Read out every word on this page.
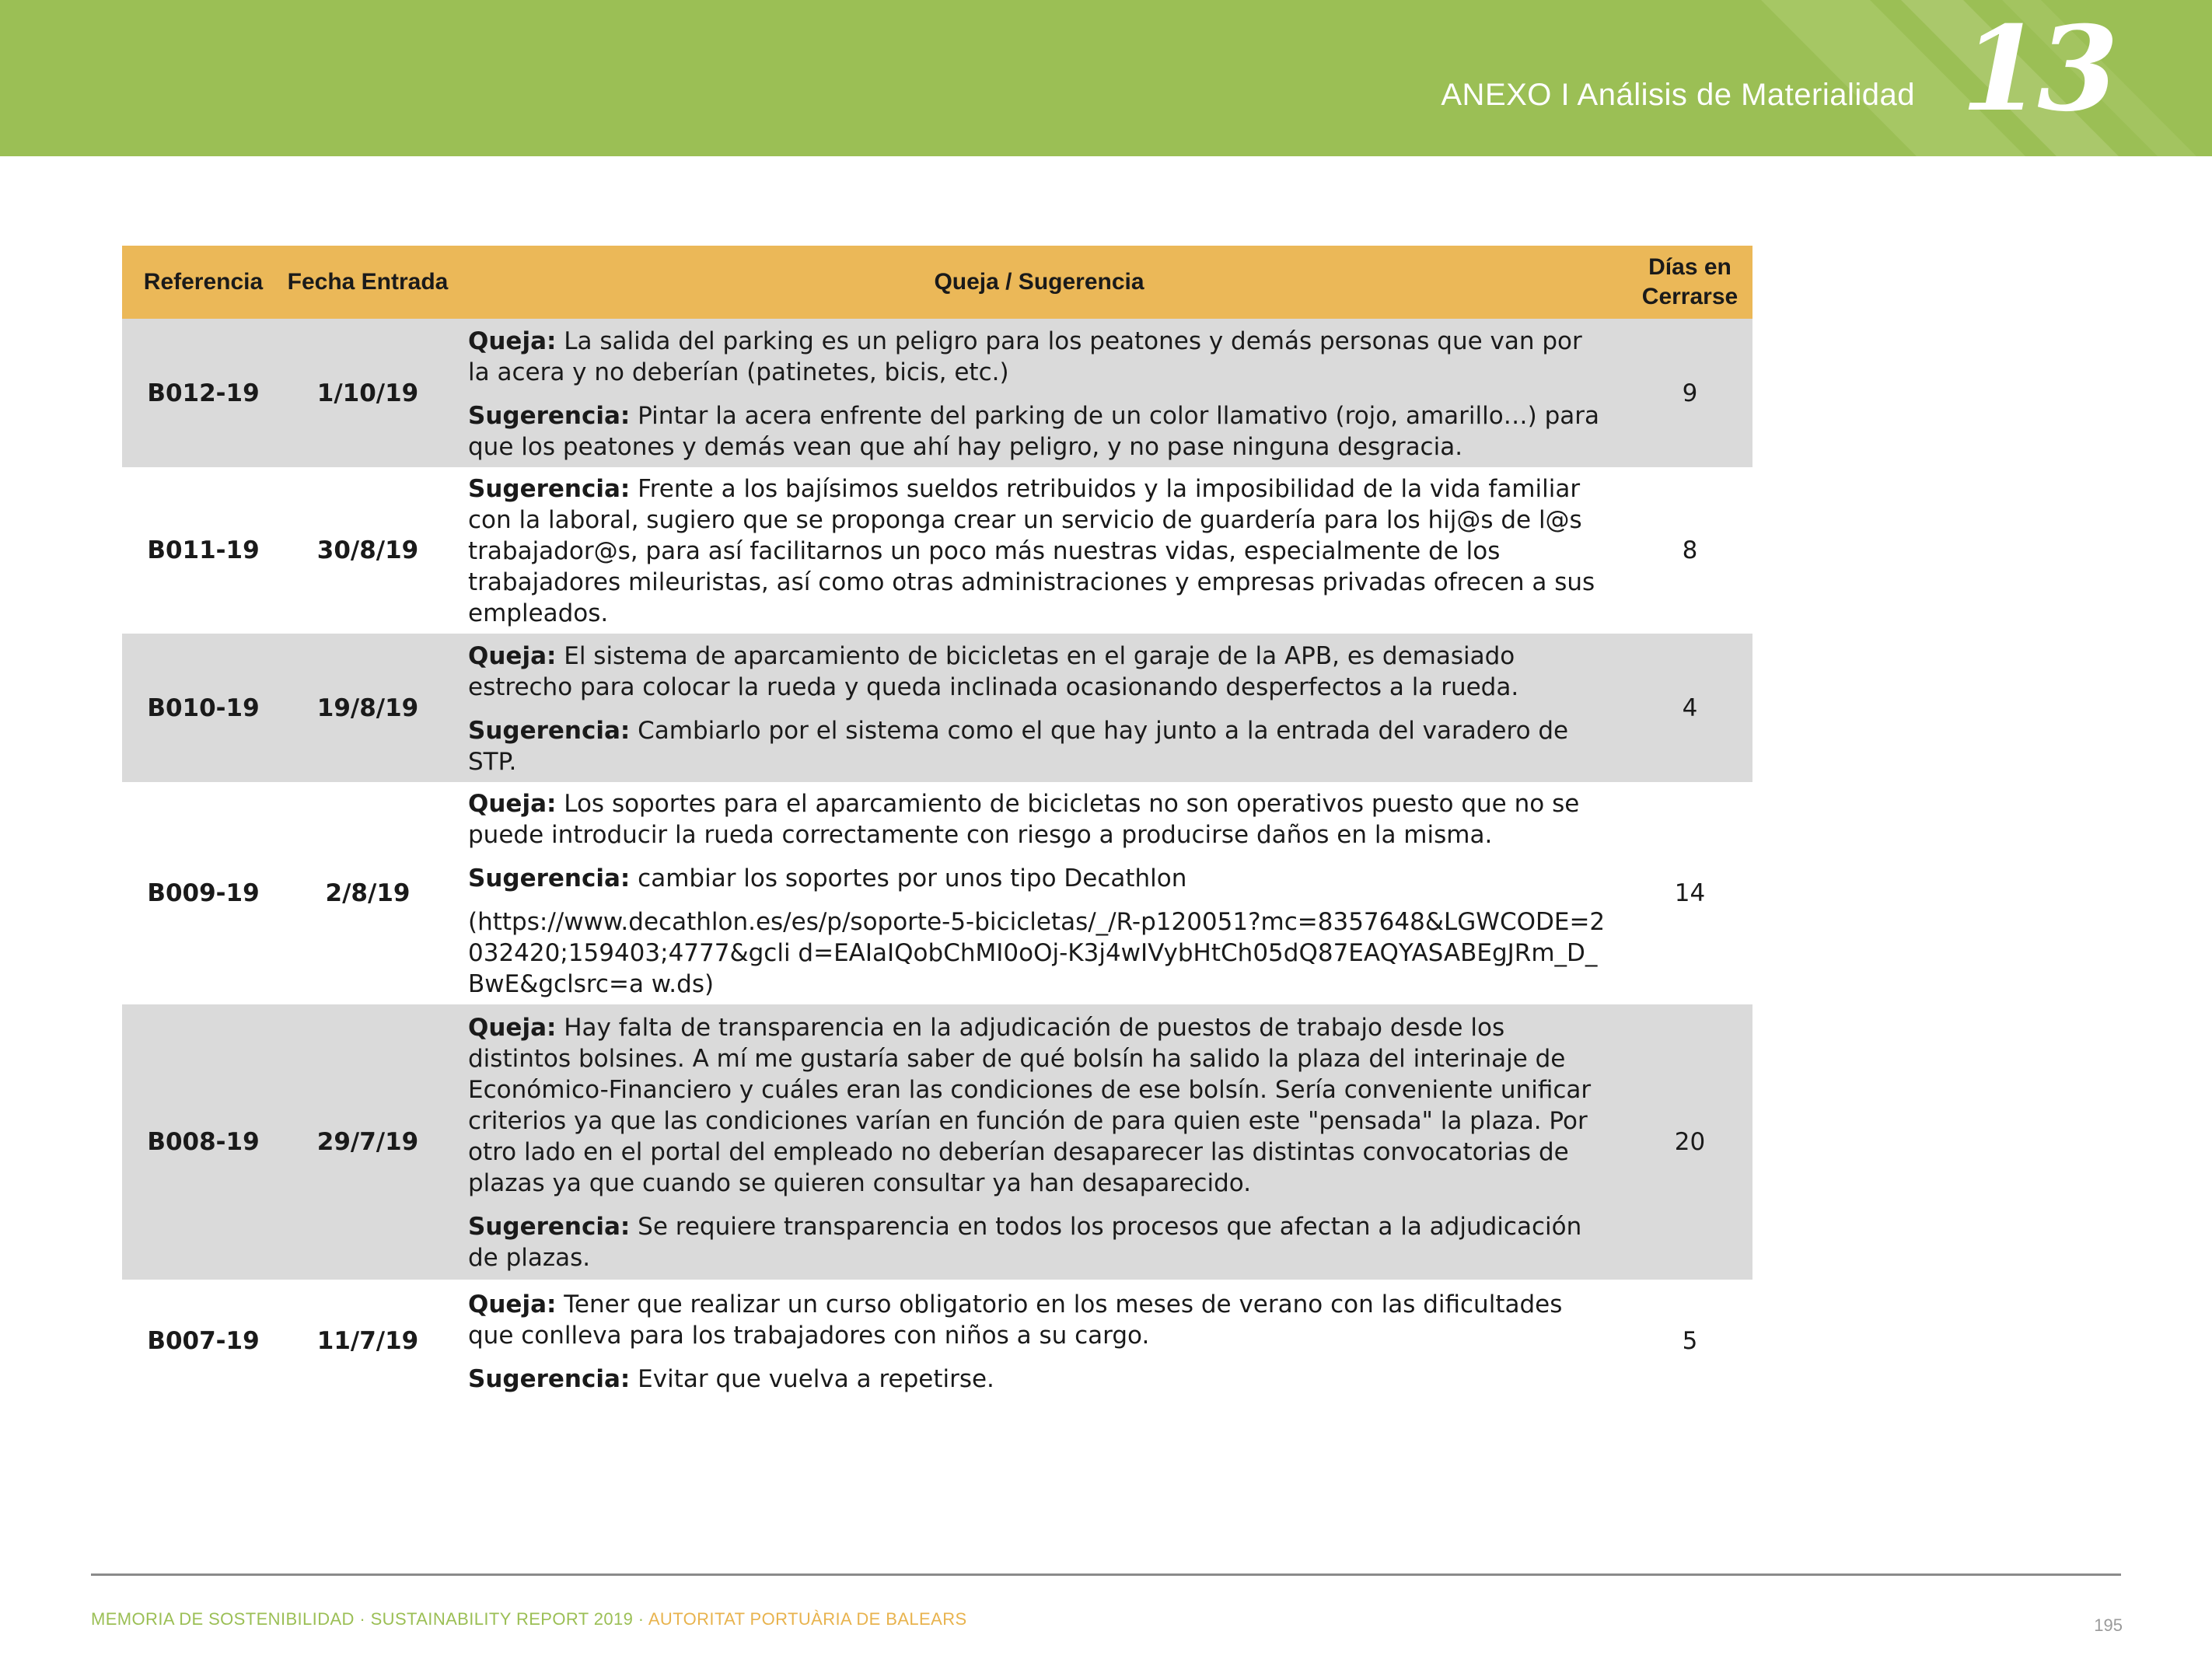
ANEXO I Análisis de Materialidad 13
Referencia	Fecha Entrada	Queja / Sugerencia	Días en
Cerrarse
B012-19	1/10/19	Queja: La salida del parking es un peligro para los peatones y demás personas que van por la acera y no deberían (patinetes, bicis, etc.)

Sugerencia: Pintar la acera enfrente del parking de un color llamativo (rojo, amarillo…) para que los peatones y demás vean que ahí hay peligro, y no pase ninguna desgracia.	9
B011-19	30/8/19	Sugerencia: Frente a los bajísimos sueldos retribuidos y la imposibilidad de la vida familiar con la laboral, sugiero que se proponga crear un servicio de guardería para los hij@s de l@s trabajador@s, para así facilitarnos un poco más nuestras vidas, especialmente de los trabajadores mileuristas, así como otras administraciones y empresas privadas ofrecen a sus empleados.	8
B010-19	19/8/19	Queja: El sistema de aparcamiento de bicicletas en el garaje de la APB, es demasiado estrecho para colocar la rueda y queda inclinada ocasionando desperfectos a la rueda.

Sugerencia: Cambiarlo por el sistema como el que hay junto a la entrada del varadero de STP.	4
B009-19	2/8/19	Queja: Los soportes para el aparcamiento de bicicletas no son operativos puesto que no se puede introducir la rueda correctamente con riesgo a producirse daños en la misma.

Sugerencia: cambiar los soportes por unos tipo Decathlon

(https://www.decathlon.es/es/p/soporte-5-bicicletas/_/R-p120051?mc=8357648&LGWCODE=2032420;159403;4777&gcli d=EAIaIQobChMI0oOj-K3j4wIVybHtCh05dQ87EAQYASABEgJRm_D_BwE&gclsrc=a w.ds)	14
B008-19	29/7/19	Queja: Hay falta de transparencia en la adjudicación de puestos de trabajo desde los distintos bolsines. A mí me gustaría saber de qué bolsín ha salido la plaza del interinaje de Económico-Financiero y cuáles eran las condiciones de ese bolsín. Sería conveniente unificar criterios ya que las condiciones varían en función de para quien este "pensada" la plaza. Por otro lado en el portal del empleado no deberían desaparecer las distintas convocatorias de plazas ya que cuando se quieren consultar ya han desaparecido.

Sugerencia: Se requiere transparencia en todos los procesos que afectan a la adjudicación de plazas.	20
B007-19	11/7/19	Queja: Tener que realizar un curso obligatorio en los meses de verano con las dificultades que conlleva para los trabajadores con niños a su cargo.

Sugerencia: Evitar que vuelva a repetirse.	5
MEMORIA DE SOSTENIBILIDAD · SUSTAINABILITY REPORT 2019 · AUTORITAT PORTUÀRIA DE BALEARS	195
